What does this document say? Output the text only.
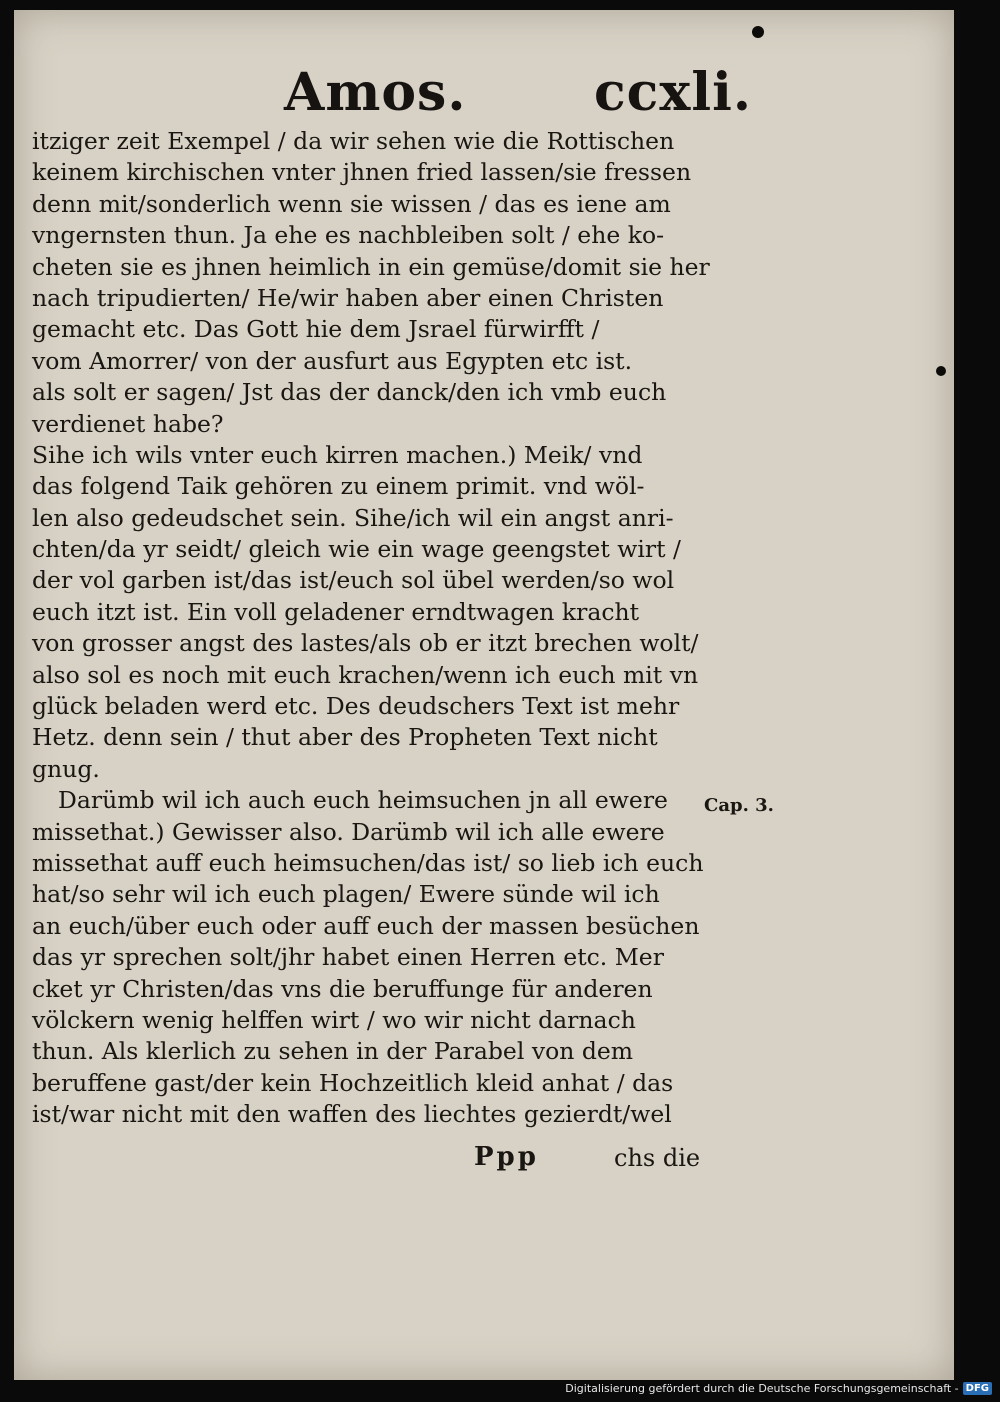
Amos. ccxli.
itziger zeit Exempel / da wir sehen wie die Rottischen
keinem kirchischen vnter jhnen fried lassen/sie fressen
denn mit/sonderlich wenn sie wissen / das es iene am
vngernsten thun. Ja ehe es nachbleiben solt / ehe ko-
cheten sie es jhnen heimlich in ein gemüse/domit sie her
nach tripudierten/ He/wir haben aber einen Christen
gemacht etc. Das Gott hie dem Jsrael fürwirfft /
vom Amorrer/ von der ausfurt aus Egypten etc ist.
als solt er sagen/ Jst das der danck/den ich vmb euch
verdienet habe?
Sihe ich wils vnter euch kirren machen.) Meik/ vnd
das folgend Taik gehören zu einem primit. vnd wöl-
len also gedeudschet sein. Sihe/ich wil ein angst anri-
chten/da yr seidt/ gleich wie ein wage geengstet wirt /
der vol garben ist/das ist/euch sol übel werden/so wol
euch itzt ist. Ein voll geladener erndtwagen kracht
von grosser angst des lastes/als ob er itzt brechen wolt/
also sol es noch mit euch krachen/wenn ich euch mit vn
glück beladen werd etc. Des deudschers Text ist mehr
Hetz. denn sein / thut aber des Propheten Text nicht
gnug.
Darümb wil ich auch euch heimsuchen jn all ewere
missethat.) Gewisser also. Darümb wil ich alle ewere
missethat auff euch heimsuchen/das ist/ so lieb ich euch
hat/so sehr wil ich euch plagen/ Ewere sünde wil ich
an euch/über euch oder auff euch der massen besüchen
das yr sprechen solt/jhr habet einen Herren etc. Mer
cket yr Christen/das vns die beruffunge für anderen
völckern wenig helffen wirt / wo wir nicht darnach
thun. Als klerlich zu sehen in der Parabel von dem
beruffene gast/der kein Hochzeitlich kleid anhat / das
ist/war nicht mit den waffen des liechtes gezierdt/wel
Cap. 3.
Ppp	chs die
Digitalisierung gefördert durch die Deutsche Forschungsgemeinschaft - DFG
